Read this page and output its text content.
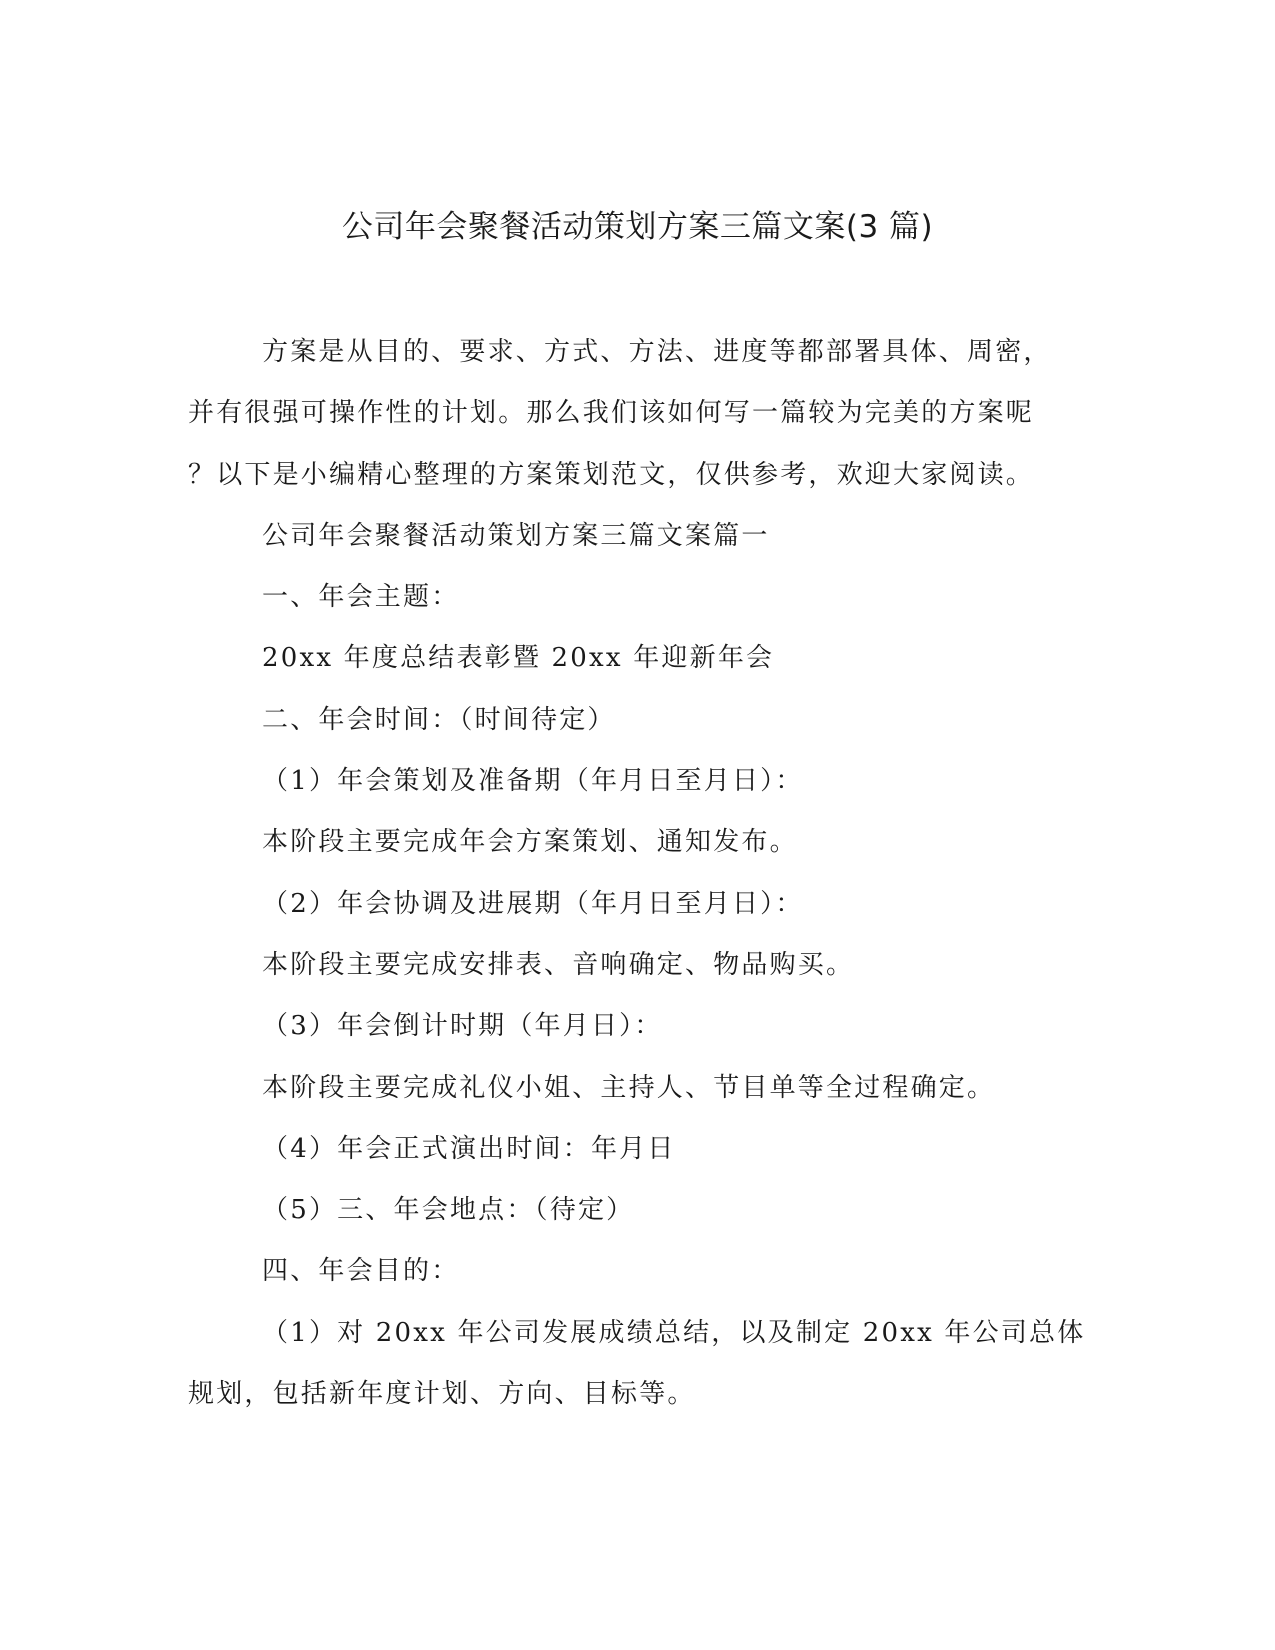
公司年会聚餐活动策划方案三篇文案(3 篇)

方案是从目的、要求、方式、方法、进度等都部署具体、周密，

并有很强可操作性的计划。那么我们该如何写一篇较为完美的方案呢

？以下是小编精心整理的方案策划范文，仅供参考，欢迎大家阅读。

公司年会聚餐活动策划方案三篇文案篇一

一、年会主题：

20xx 年度总结表彰暨 20xx 年迎新年会

二、年会时间：（时间待定）

（1）年会策划及准备期（年月日至月日）：

本阶段主要完成年会方案策划、通知发布。

（2）年会协调及进展期（年月日至月日）：

本阶段主要完成安排表、音响确定、物品购买。

（3）年会倒计时期（年月日）：

本阶段主要完成礼仪小姐、主持人、节目单等全过程确定。

（4）年会正式演出时间：年月日

（5）三、年会地点：（待定）

四、年会目的：

（1）对 20xx 年公司发展成绩总结，以及制定 20xx 年公司总体

规划，包括新年度计划、方向、目标等。
